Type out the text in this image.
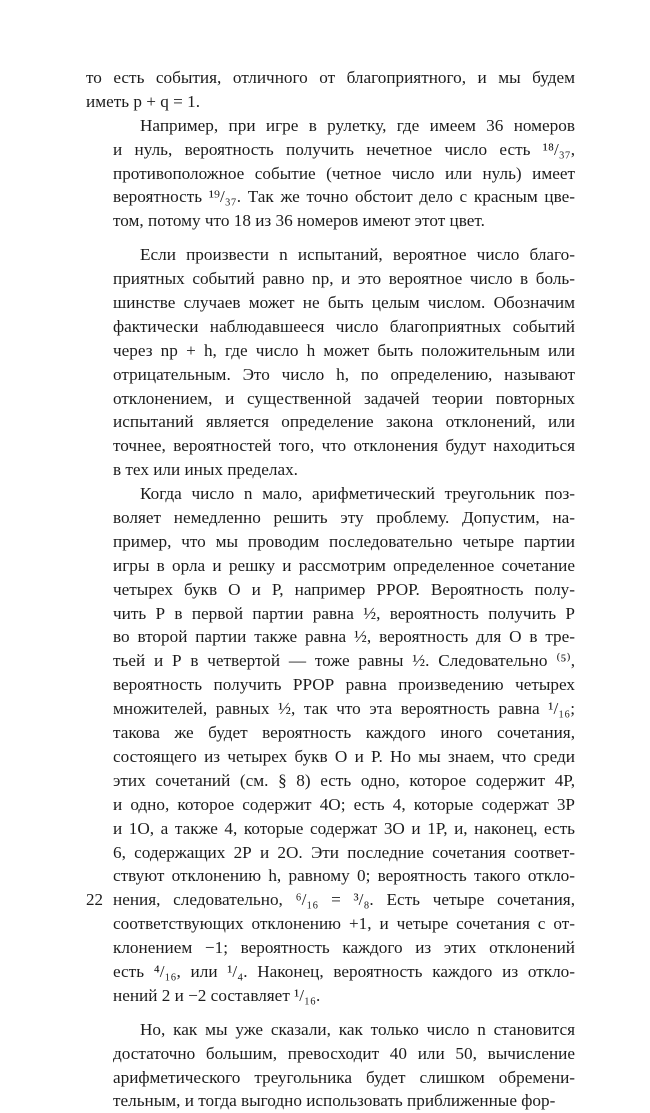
то есть события, отличного от благоприятного, и мы будем
иметь p + q = 1.
Например, при игре в рулетку, где имеем 36 номеров
и нуль, вероятность получить нечетное число есть ¹⁸/₃₇,
противоположное событие (четное число или нуль) имеет
вероятность ¹⁹/₃₇. Так же точно обстоит дело с красным цве-
том, потому что 18 из 36 номеров имеют этот цвет.
Если произвести n испытаний, вероятное число благо-
приятных событий равно np, и это вероятное число в боль-
шинстве случаев может не быть целым числом. Обозначим
фактически наблюдавшееся число благоприятных событий
через np + h, где число h может быть положительным или
отрицательным. Это число h, по определению, называют
отклонением, и существенной задачей теории повторных
испытаний является определение закона отклонений, или
точнее, вероятностей того, что отклонения будут находиться
в тех или иных пределах.
Когда число n мало, арифметический треугольник поз-
воляет немедленно решить эту проблему. Допустим, на-
пример, что мы проводим последовательно четыре партии
игры в орла и решку и рассмотрим определенное сочетание
четырех букв О и Р, например РРОР. Вероятность полу-
чить Р в первой партии равна ½, вероятность получить Р
во второй партии также равна ½, вероятность для О в тре-
тьей и Р в четвертой — тоже равны ½. Следовательно ⁽⁵⁾,
вероятность получить РРОР равна произведению четырех
множителей, равных ½, так что эта вероятность равна ¹/₁₆;
такова же будет вероятность каждого иного сочетания,
состоящего из четырех букв О и Р. Но мы знаем, что среди
этих сочетаний (см. § 8) есть одно, которое содержит 4Р,
и одно, которое содержит 4О; есть 4, которые содержат 3Р
и 1О, а также 4, которые содержат 3О и 1Р, и, наконец, есть
6, содержащих 2Р и 2О. Эти последние сочетания соответ-
ствуют отклонению h, равному 0; вероятность такого откло-
нения, следовательно, ⁶/₁₆ = ³/₈. Есть четыре сочетания,
соответствующих отклонению +1, и четыре сочетания с от-
клонением −1; вероятность каждого из этих отклонений
есть ⁴/₁₆, или ¹/₄. Наконец, вероятность каждого из откло-
нений 2 и −2 составляет ¹/₁₆.
Но, как мы уже сказали, как только число n становится
достаточно большим, превосходит 40 или 50, вычисление
арифметического треугольника будет слишком обремени-
тельным, и тогда выгодно использовать приближенные фор-
22
